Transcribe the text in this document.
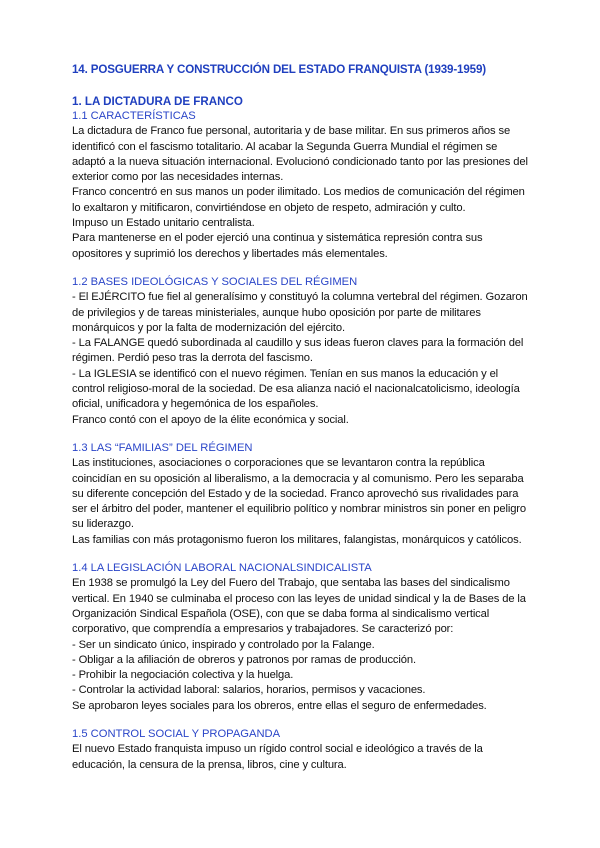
14. POSGUERRA Y CONSTRUCCIÓN DEL ESTADO FRANQUISTA (1939-1959)

1. LA DICTADURA DE FRANCO

1.1 CARACTERÍSTICAS

La dictadura de Franco fue personal, autoritaria y de base militar. En sus primeros años se identificó con el fascismo totalitario. Al acabar la Segunda Guerra Mundial el régimen se adaptó a la nueva situación internacional. Evolucionó condicionado tanto por las presiones del exterior como por las necesidades internas.

Franco concentró en sus manos un poder ilimitado. Los medios de comunicación del régimen lo exaltaron y mitificaron, convirtiéndose en objeto de respeto, admiración y culto.

Impuso un Estado unitario centralista.

Para mantenerse en el poder ejerció una continua y sistemática represión contra sus opositores y suprimió los derechos y libertades más elementales.

1.2 BASES IDEOLÓGICAS Y SOCIALES DEL RÉGIMEN

- El EJÉRCITO fue fiel al generalísimo y constituyó la columna vertebral del régimen. Gozaron de privilegios y de tareas ministeriales, aunque hubo oposición por parte de militares monárquicos y por la falta de modernización del ejército.

- La FALANGE quedó subordinada al caudillo y sus ideas fueron claves para la formación del régimen. Perdió peso tras la derrota del fascismo.

- La IGLESIA se identificó con el nuevo régimen. Tenían en sus manos la educación y el control religioso-moral de la sociedad. De esa alianza nació el nacionalcatolicismo, ideología oficial, unificadora y hegemónica de los españoles.

Franco contó con el apoyo de la élite económica y social.

1.3 LAS “FAMILIAS” DEL RÉGIMEN

Las instituciones, asociaciones o corporaciones que se levantaron contra la república coincidían en su oposición al liberalismo, a la democracia y al comunismo. Pero les separaba su diferente concepción del Estado y de la sociedad. Franco aprovechó sus rivalidades para ser el árbitro del poder, mantener el equilibrio político y nombrar ministros sin poner en peligro su liderazgo.

Las familias con más protagonismo fueron los militares, falangistas, monárquicos y católicos.

1.4 LA LEGISLACIÓN LABORAL NACIONALSINDICALISTA

En 1938 se promulgó la Ley del Fuero del Trabajo, que sentaba las bases del sindicalismo vertical. En 1940 se culminaba el proceso con las leyes de unidad sindical y la de Bases de la Organización Sindical Española (OSE), con que se daba forma al sindicalismo vertical corporativo, que comprendía a empresarios y trabajadores. Se caracterizó por:

- Ser un sindicato único, inspirado y controlado por la Falange.

- Obligar a la afiliación de obreros y patronos por ramas de producción.

- Prohibir la negociación colectiva y la huelga.

- Controlar la actividad laboral: salarios, horarios, permisos y vacaciones.

Se aprobaron leyes sociales para los obreros, entre ellas el seguro de enfermedades.

1.5 CONTROL SOCIAL Y PROPAGANDA

El nuevo Estado franquista impuso un rígido control social e ideológico a través de la educación, la censura de la prensa, libros, cine y cultura.
